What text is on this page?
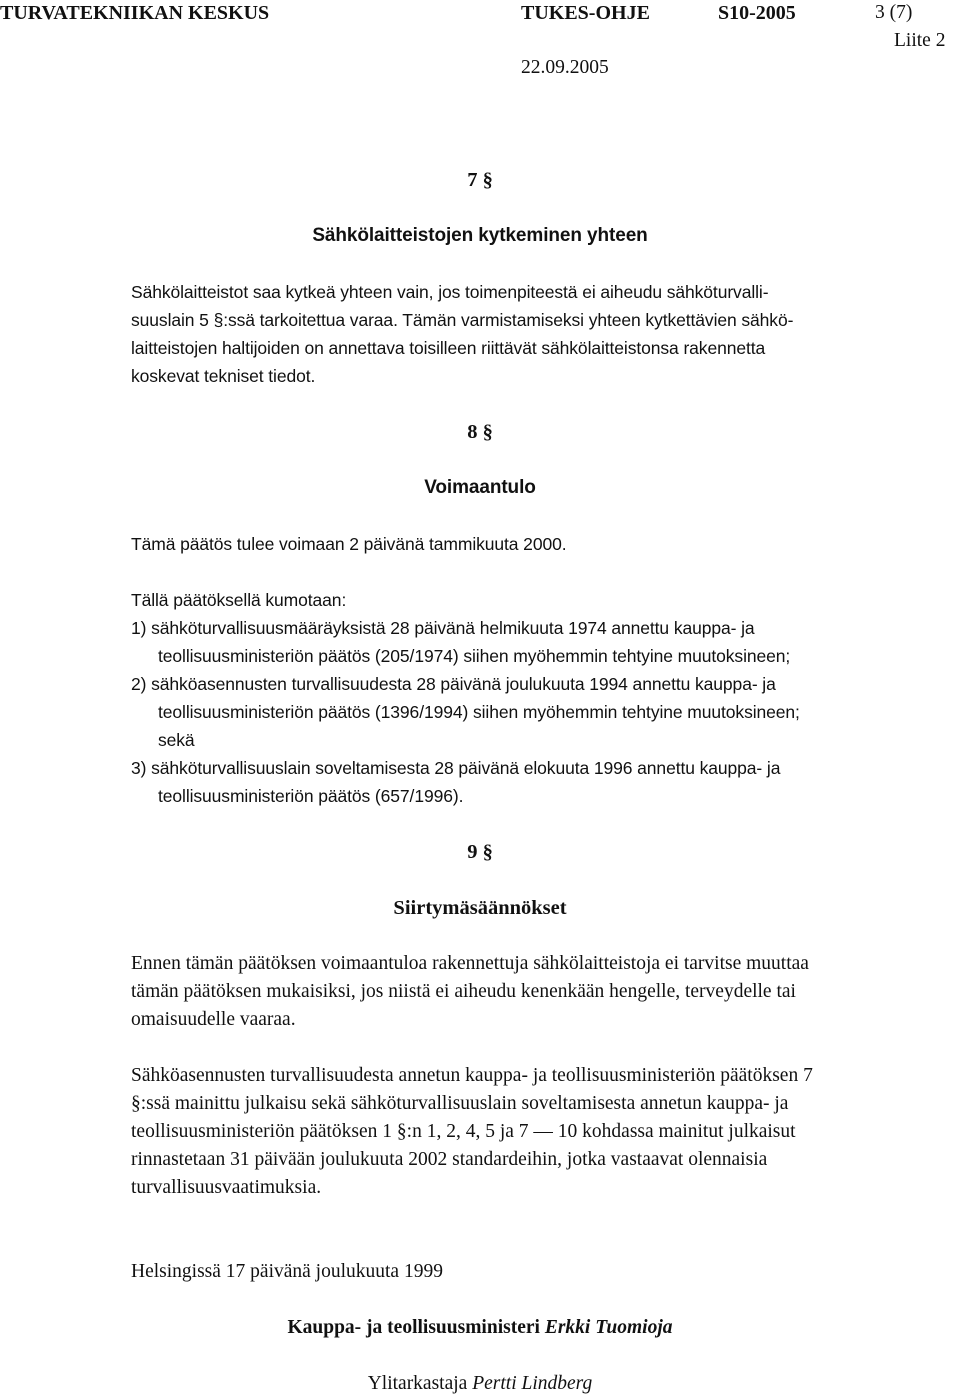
TURVATEKNIIKAN KESKUS	TUKES-OHJE	S10-2005	3 (7)
Liite 2
22.09.2005
7 §
Sähkölaitteistojen kytkeminen yhteen
Sähkölaitteistot saa kytkeä yhteen vain, jos toimenpiteestä ei aiheudu sähköturvalli-
suuslain 5 §:ssä tarkoitettua varaa. Tämän varmistamiseksi yhteen kytkettävien sähkö-
laitteistojen haltijoiden on annettava toisilleen riittävät sähkölaitteistonsa rakennetta
koskevat tekniset tiedot.
8 §
Voimaantulo
Tämä päätös tulee voimaan 2 päivänä tammikuuta 2000.
Tällä päätöksellä kumotaan:
1) sähköturvallisuusmääräyksistä 28 päivänä helmikuuta 1974 annettu kauppa- ja
teollisuusministeriön päätös (205/1974) siihen myöhemmin tehtyine muutoksineen;
2) sähköasennusten turvallisuudesta 28 päivänä joulukuuta 1994 annettu kauppa- ja
teollisuusministeriön päätös (1396/1994) siihen myöhemmin tehtyine muutoksineen;
sekä
3) sähköturvallisuuslain soveltamisesta 28 päivänä elokuuta 1996 annettu kauppa- ja
teollisuusministeriön päätös (657/1996).
9 §
Siirtymäsäännökset
Ennen tämän päätöksen voimaantuloa rakennettuja sähkölaitteistoja ei tarvitse muuttaa
tämän päätöksen mukaisiksi, jos niistä ei aiheudu kenenkään hengelle, terveydelle tai
omaisuudelle vaaraa.
Sähköasennusten turvallisuudesta annetun kauppa- ja teollisuusministeriön päätöksen 7
§:ssä mainittu julkaisu sekä sähköturvallisuuslain soveltamisesta annetun kauppa- ja
teollisuusministeriön päätöksen 1 §:n 1, 2, 4, 5 ja 7 — 10 kohdassa mainitut julkaisut
rinnastetaan 31 päivään joulukuuta 2002 standardeihin, jotka vastaavat olennaisia
turvallisuusvaatimuksia.
Helsingissä 17 päivänä joulukuuta 1999
Kauppa- ja teollisuusministeri Erkki Tuomioja
Ylitarkastaja Pertti Lindberg
